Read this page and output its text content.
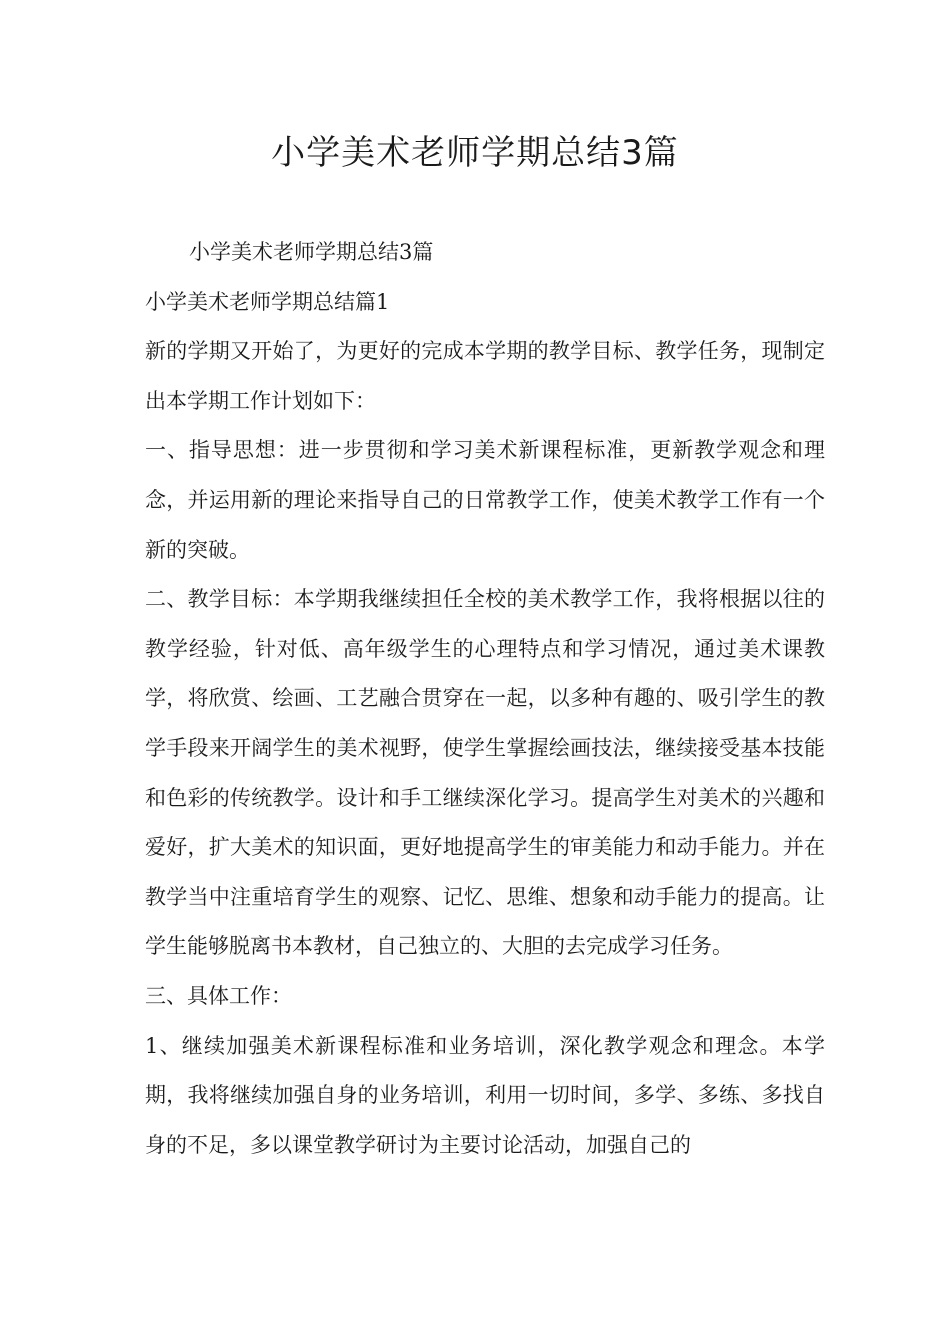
小学美术老师学期总结3篇

小学美术老师学期总结3篇

小学美术老师学期总结篇1

新的学期又开始了，为更好的完成本学期的教学目标、教学任务，现制定出本学期工作计划如下：

一、指导思想：进一步贯彻和学习美术新课程标准，更新教学观念和理念，并运用新的理论来指导自己的日常教学工作，使美术教学工作有一个新的突破。

二、教学目标：本学期我继续担任全校的美术教学工作，我将根据以往的教学经验，针对低、高年级学生的心理特点和学习情况，通过美术课教学，将欣赏、绘画、工艺融合贯穿在一起，以多种有趣的、吸引学生的教学手段来开阔学生的美术视野，使学生掌握绘画技法，继续接受基本技能和色彩的传统教学。设计和手工继续深化学习。提高学生对美术的兴趣和爱好，扩大美术的知识面，更好地提高学生的审美能力和动手能力。并在教学当中注重培育学生的观察、记忆、思维、想象和动手能力的提高。让学生能够脱离书本教材，自己独立的、大胆的去完成学习任务。

三、具体工作：

1、继续加强美术新课程标准和业务培训，深化教学观念和理念。本学期，我将继续加强自身的业务培训，利用一切时间，多学、多练、多找自身的不足，多以课堂教学研讨为主要讨论活动，加强自己的
